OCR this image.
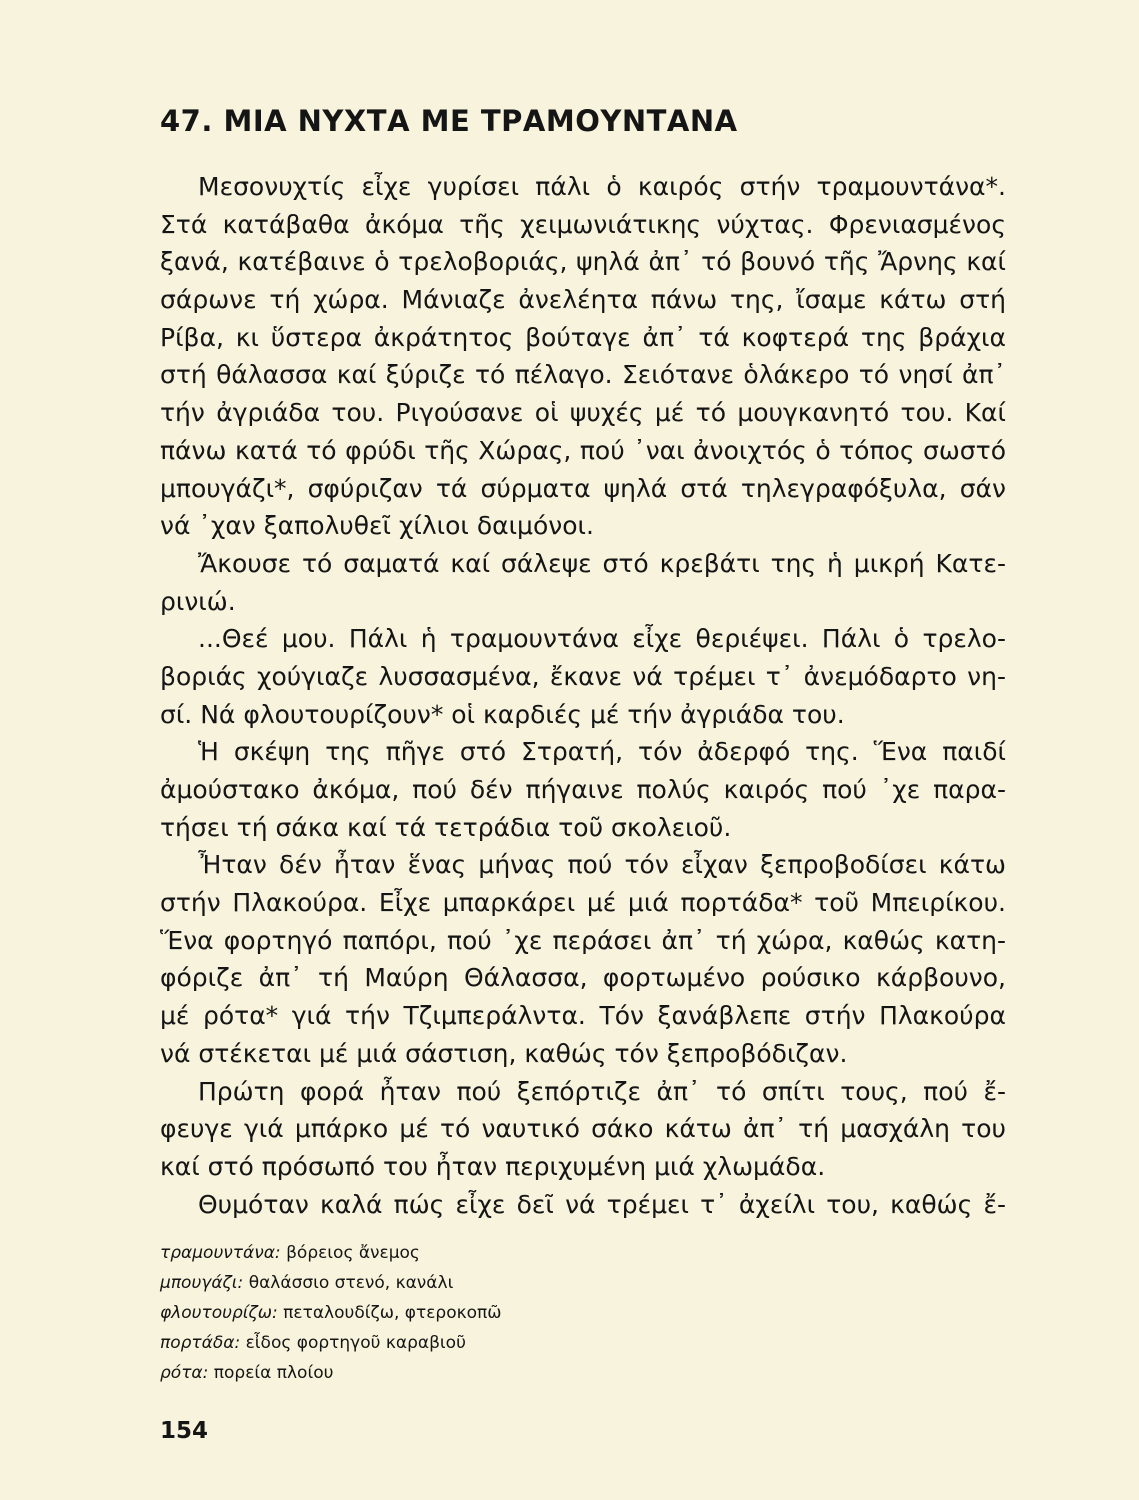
47. ΜΙΑ ΝΥΧΤΑ ΜΕ ΤΡΑΜΟΥΝΤΑΝΑ
Μεσονυχτίς εἶχε γυρίσει πάλι ὁ καιρός στήν τραμουντάνα*.
Στά κατάβαθα ἀκόμα τῆς χειμωνιάτικης νύχτας. Φρενιασμένος
ξανά, κατέβαινε ὁ τρελοβοριάς, ψηλά ἀπ᾿ τό βουνό τῆς Ἄρνης καί
σάρωνε τή χώρα. Μάνιαζε ἀνελέητα πάνω της, ἴσαμε κάτω στή
Ρίβα, κι ὕστερα ἀκράτητος βούταγε ἀπ᾿ τά κοφτερά της βράχια
στή θάλασσα καί ξύριζε τό πέλαγο. Σειότανε ὁλάκερο τό νησί ἀπ᾿
τήν ἀγριάδα του. Ριγούσανε οἱ ψυχές μέ τό μουγκανητό του. Καί
πάνω κατά τό φρύδι τῆς Χώρας, πού ᾿ναι ἀνοιχτός ὁ τόπος σωστό
μπουγάζι*, σφύριζαν τά σύρματα ψηλά στά τηλεγραφόξυλα, σάν
νά ᾿χαν ξαπολυθεῖ χίλιοι δαιμόνοι.
Ἄκουσε τό σαματά καί σάλεψε στό κρεβάτι της ἡ μικρή Κατε-
ρινιώ.
...Θεέ μου. Πάλι ἡ τραμουντάνα εἶχε θεριέψει. Πάλι ὁ τρελο-
βοριάς χούγιαζε λυσσασμένα, ἔκανε νά τρέμει τ᾿ ἀνεμόδαρτο νη-
σί. Νά φλουτουρίζουν* οἱ καρδιές μέ τήν ἀγριάδα του.
Ἡ σκέψη της πῆγε στό Στρατή, τόν ἀδερφό της. Ἕνα παιδί
ἀμούστακο ἀκόμα, πού δέν πήγαινε πολύς καιρός πού ᾿χε παρα-
τήσει τή σάκα καί τά τετράδια τοῦ σκολειοῦ.
Ἦταν δέν ἦταν ἕνας μήνας πού τόν εἶχαν ξεπροβοδίσει κάτω
στήν Πλακούρα. Εἶχε μπαρκάρει μέ μιά πορτάδα* τοῦ Μπειρίκου.
Ἕνα φορτηγό παπόρι, πού ᾿χε περάσει ἀπ᾿ τή χώρα, καθώς κατη-
φόριζε ἀπ᾿ τή Μαύρη Θάλασσα, φορτωμένο ρούσικο κάρβουνο,
μέ ρότα* γιά τήν Τζιμπεράλντα. Τόν ξανάβλεπε στήν Πλακούρα
νά στέκεται μέ μιά σάστιση, καθώς τόν ξεπροβόδιζαν.
Πρώτη φορά ἦταν πού ξεπόρτιζε ἀπ᾿ τό σπίτι τους, πού ἔ-
φευγε γιά μπάρκο μέ τό ναυτικό σάκο κάτω ἀπ᾿ τή μασχάλη του
καί στό πρόσωπό του ἦταν περιχυμένη μιά χλωμάδα.
Θυμόταν καλά πώς εἶχε δεῖ νά τρέμει τ᾿ ἀχείλι του, καθώς ἔ-
τραμουντάνα: βόρειος ἄνεμος
μπουγάζι: θαλάσσιο στενό, κανάλι
φλουτουρίζω: πεταλουδίζω, φτεροκοπῶ
πορτάδα: εἶδος φορτηγοῦ καραβιοῦ
ρότα: πορεία πλοίου
154
